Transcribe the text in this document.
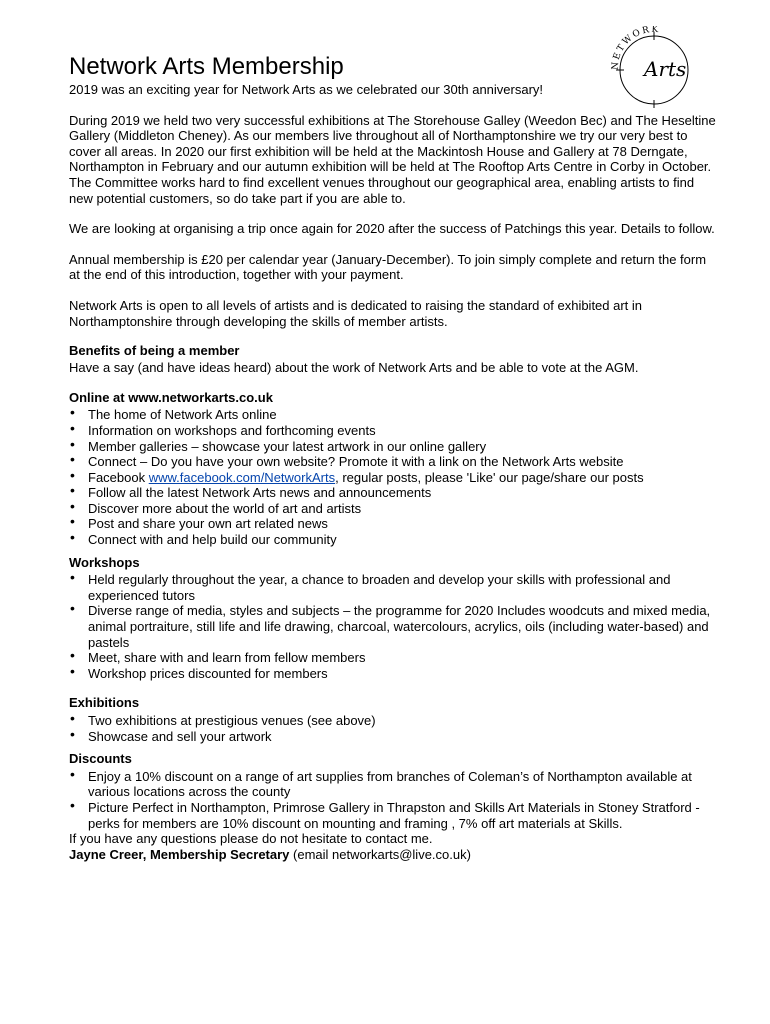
NETWORK
Arts
Network Arts Membership

2019 was an exciting year for Network Arts as we celebrated our 30th anniversary!

During 2019 we held two very successful exhibitions at The Storehouse Galley (Weedon Bec) and The Heseltine Gallery (Middleton Cheney). As our members live throughout all of Northamptonshire we try our very best to cover all areas. In 2020 our first exhibition will be held at the Mackintosh House and Gallery at 78 Derngate, Northampton in February and our autumn exhibition will be held at The Rooftop Arts Centre in Corby in October. The Committee works hard to find excellent venues throughout our geographical area, enabling artists to find new potential customers, so do take part if you are able to.

We are looking at organising a trip once again for 2020 after the success of Patchings this year. Details to follow.

Annual membership is £20 per calendar year (January-December). To join simply complete and return the form at the end of this introduction, together with your payment.

Network Arts is open to all levels of artists and is dedicated to raising the standard of exhibited art in Northamptonshire through developing the skills of member artists.

Benefits of being a member

Have a say (and have ideas heard) about the work of Network Arts and be able to vote at the AGM.

Online at www.networkarts.co.uk
• The home of Network Arts online
• Information on workshops and forthcoming events
• Member galleries – showcase your latest artwork in our online gallery
• Connect – Do you have your own website? Promote it with a link on the Network Arts website
• Facebook www.facebook.com/NetworkArts, regular posts, please 'Like' our page/share our posts
• Follow all the latest Network Arts news and announcements
• Discover more about the world of art and artists
• Post and share your own art related news
• Connect with and help build our community
Workshops
• Held regularly throughout the year, a chance to broaden and develop your skills with professional and experienced tutors
• Diverse range of media, styles and subjects – the programme for 2020 Includes woodcuts and mixed media, animal portraiture, still life and life drawing, charcoal, watercolours, acrylics, oils (including water-based) and pastels
• Meet, share with and learn from fellow members
• Workshop prices discounted for members
Exhibitions
• Two exhibitions at prestigious venues (see above)
• Showcase and sell your artwork
Discounts
• Enjoy a 10% discount on a range of art supplies from branches of Coleman’s of Northampton available at various locations across the county
• Picture Perfect in Northampton, Primrose Gallery in Thrapston and Skills Art Materials in Stoney Stratford - perks for members are 10% discount on mounting and framing , 7% off art materials at Skills.

If you have any questions please do not hesitate to contact me.

Jayne Creer, Membership Secretary (email networkarts@live.co.uk)
